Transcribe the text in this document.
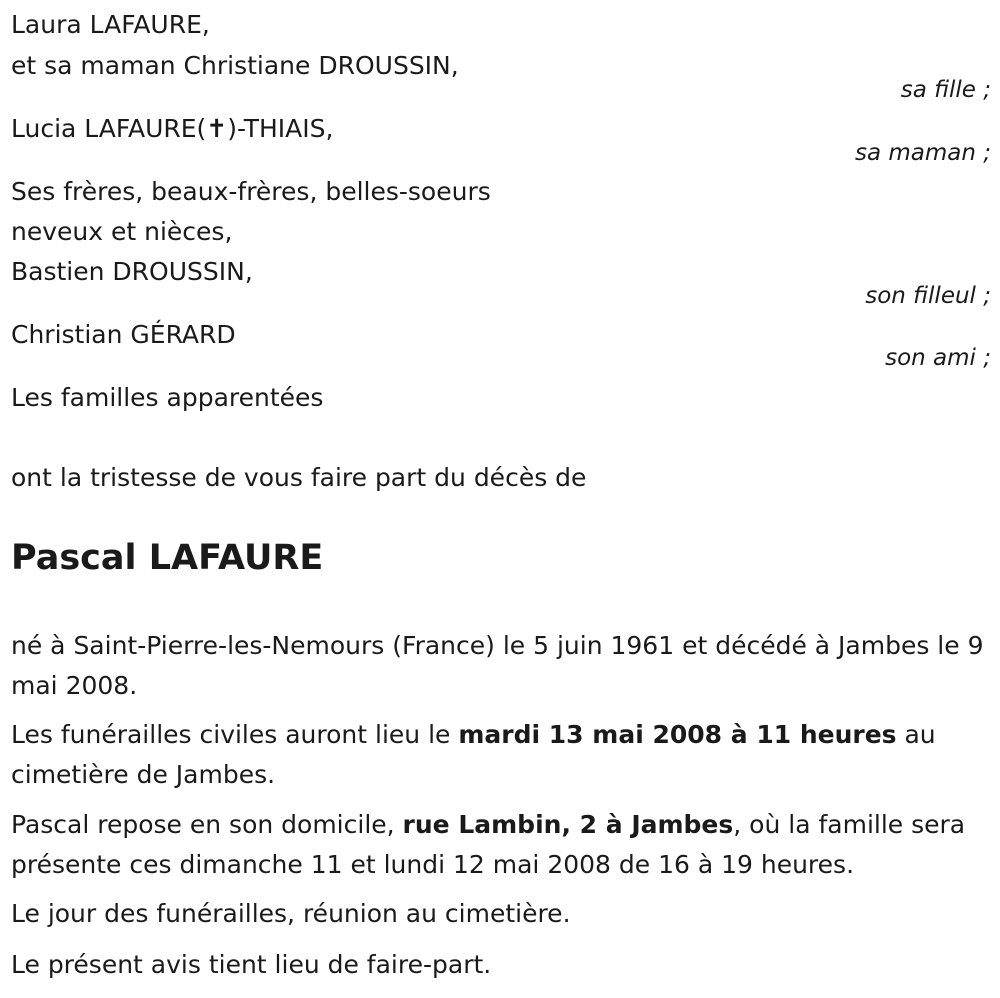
Laura LAFAURE,
et sa maman Christiane DROUSSIN,
sa fille ;
Lucia LAFAURE(✝)-THIAIS,
sa maman ;
Ses frères, beaux-frères, belles-soeurs
neveux et nièces,
Bastien DROUSSIN,
son filleul ;
Christian GÉRARD
son ami ;
Les familles apparentées
ont la tristesse de vous faire part du décès de
Pascal LAFAURE
né à Saint-Pierre-les-Nemours (France) le 5 juin 1961 et décédé à Jambes le 9 mai 2008.
Les funérailles civiles auront lieu le mardi 13 mai 2008 à 11 heures au cimetière de Jambes.
Pascal repose en son domicile, rue Lambin, 2 à Jambes, où la famille sera présente ces dimanche 11 et lundi 12 mai 2008 de 16 à 19 heures.
Le jour des funérailles, réunion au cimetière.
Le présent avis tient lieu de faire-part.
